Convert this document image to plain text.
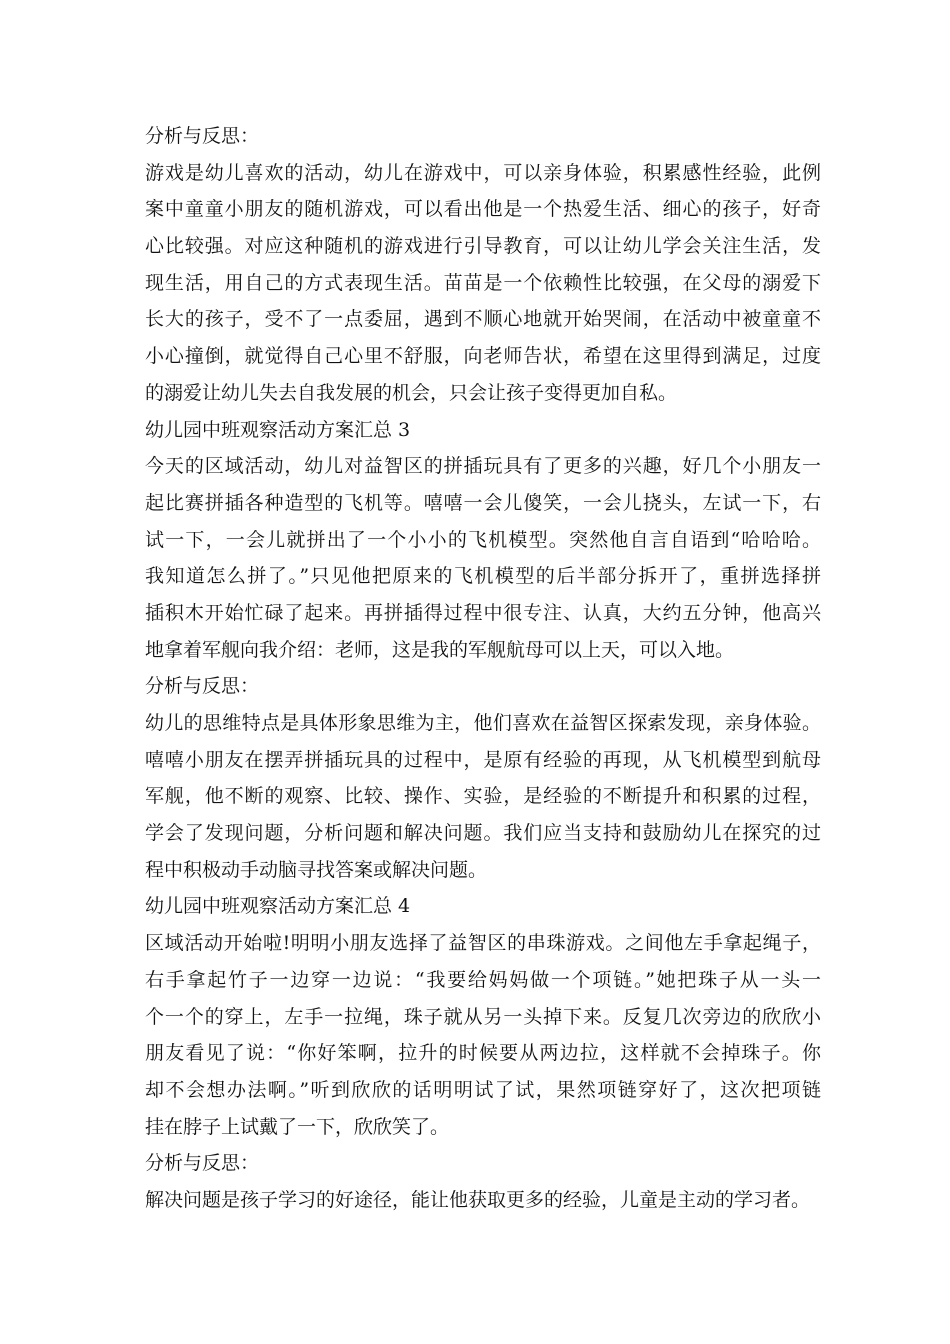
分析与反思：
游戏是幼儿喜欢的活动，幼儿在游戏中，可以亲身体验，积累感性经验，此例
案中童童小朋友的随机游戏，可以看出他是一个热爱生活、细心的孩子，好奇
心比较强。对应这种随机的游戏进行引导教育，可以让幼儿学会关注生活，发
现生活，用自己的方式表现生活。苗苗是一个依赖性比较强，在父母的溺爱下
长大的孩子，受不了一点委屈，遇到不顺心地就开始哭闹，在活动中被童童不
小心撞倒，就觉得自己心里不舒服，向老师告状，希望在这里得到满足，过度
的溺爱让幼儿失去自我发展的机会，只会让孩子变得更加自私。
幼儿园中班观察活动方案汇总 3
今天的区域活动，幼儿对益智区的拼插玩具有了更多的兴趣，好几个小朋友一
起比赛拼插各种造型的飞机等。嘻嘻一会儿傻笑，一会儿挠头，左试一下，右
试一下，一会儿就拼出了一个小小的飞机模型。突然他自言自语到“哈哈哈。
我知道怎么拼了。”只见他把原来的飞机模型的后半部分拆开了，重拼选择拼
插积木开始忙碌了起来。再拼插得过程中很专注、认真，大约五分钟，他高兴
地拿着军舰向我介绍：老师，这是我的军舰航母可以上天，可以入地。
分析与反思：
幼儿的思维特点是具体形象思维为主，他们喜欢在益智区探索发现，亲身体验。
嘻嘻小朋友在摆弄拼插玩具的过程中，是原有经验的再现，从飞机模型到航母
军舰，他不断的观察、比较、操作、实验，是经验的不断提升和积累的过程，
学会了发现问题，分析问题和解决问题。我们应当支持和鼓励幼儿在探究的过
程中积极动手动脑寻找答案或解决问题。
幼儿园中班观察活动方案汇总 4
区域活动开始啦!明明小朋友选择了益智区的串珠游戏。之间他左手拿起绳子，
右手拿起竹子一边穿一边说：“我要给妈妈做一个项链。”她把珠子从一头一
个一个的穿上，左手一拉绳，珠子就从另一头掉下来。反复几次旁边的欣欣小
朋友看见了说：“你好笨啊，拉升的时候要从两边拉，这样就不会掉珠子。你
却不会想办法啊。”听到欣欣的话明明试了试，果然项链穿好了，这次把项链
挂在脖子上试戴了一下，欣欣笑了。
分析与反思：
解决问题是孩子学习的好途径，能让他获取更多的经验，儿童是主动的学习者。
